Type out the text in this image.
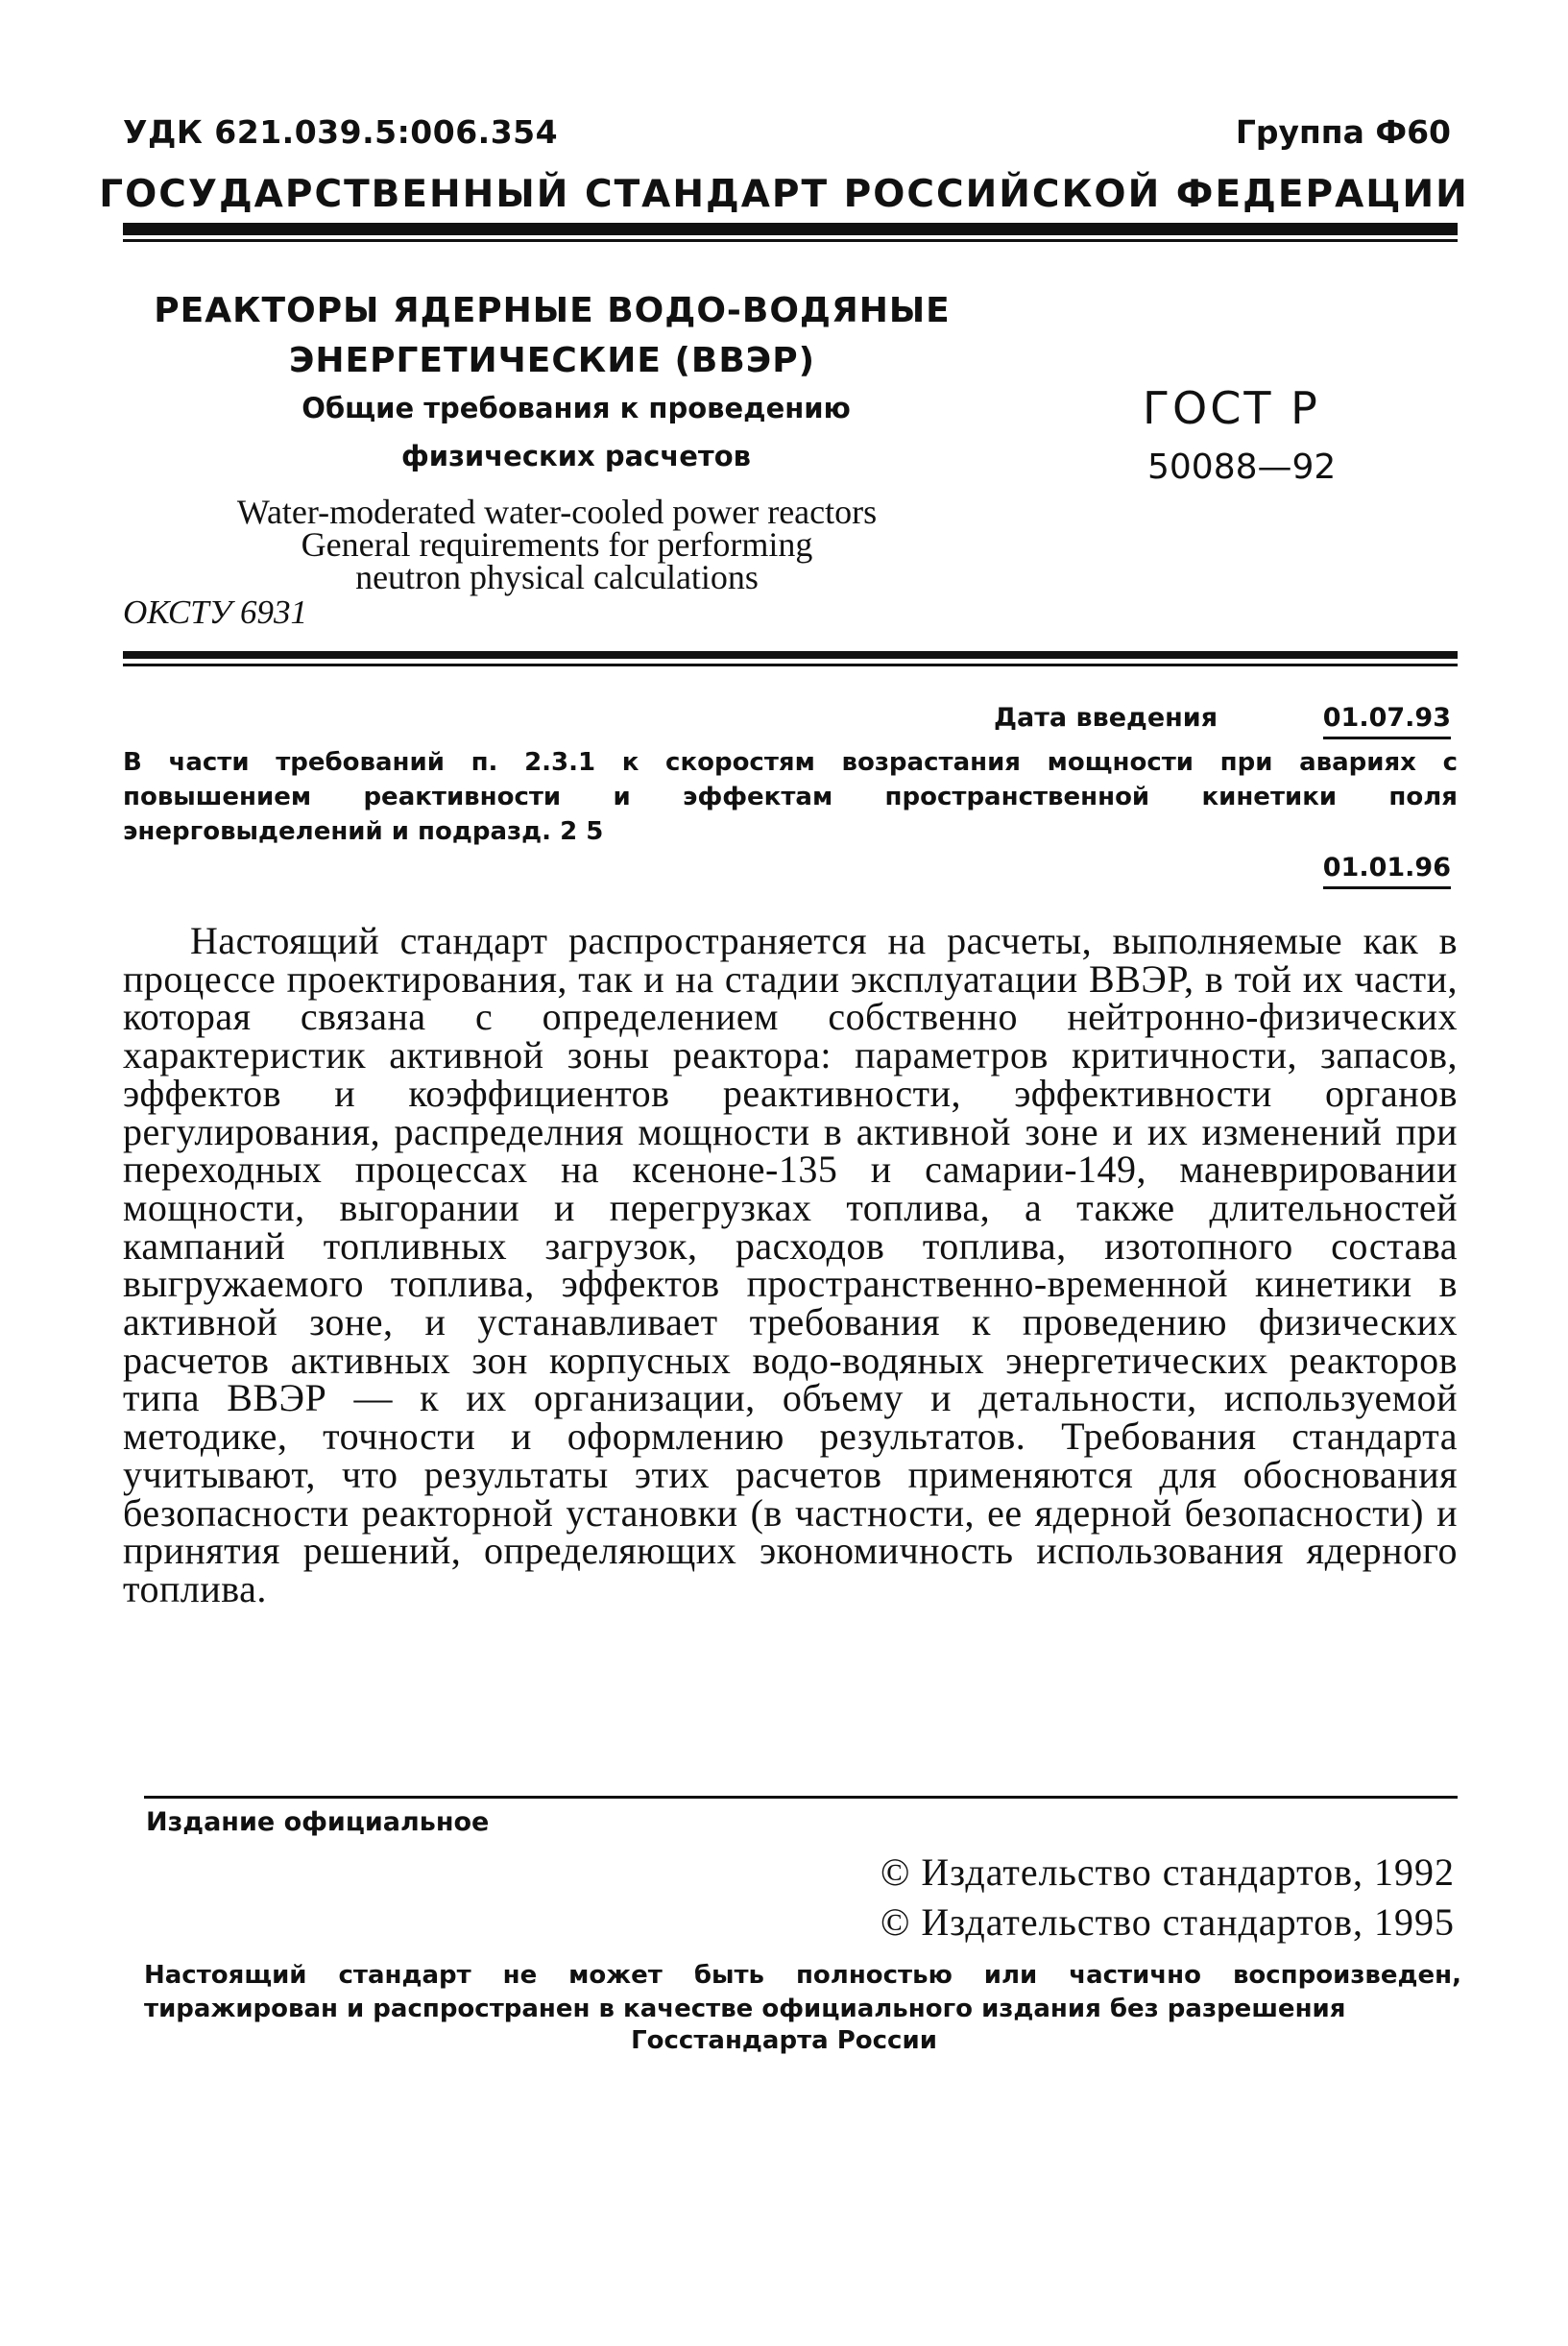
УДК 621.039.5:006.354	Группа Ф60
ГОСУДАРСТВЕННЫЙ СТАНДАРТ РОССИЙСКОЙ ФЕДЕРАЦИИ
РЕАКТОРЫ ЯДЕРНЫЕ ВОДО-ВОДЯНЫЕ
ЭНЕРГЕТИЧЕСКИЕ (ВВЭР)
Общие требования к проведению
физических расчетов
Water-moderated water-cooled power reactors
General requirements for performing
neutron physical calculations
ОКСТУ 6931
ГОСТ Р
50088—92
Дата введения	01.07.93
В части требований п. 2.3.1 к скоростям возрастания мощности при авариях с повышением реактивности и эффектам пространственной кинетики поля энерговыделений и подразд. 2 5
01.01.96
Настоящий стандарт распространяется на расчеты, выполняемые как в процессе проектирования, так и на стадии эксплуатации ВВЭР, в той их части, которая связана с определением собственно нейтронно-физических характеристик активной зоны реактора: параметров критичности, запасов, эффектов и коэффициентов реактивности, эффективности органов регулирования, распределния мощности в активной зоне и их изменений при переходных процессах на ксеноне-135 и самарии-149, маневрировании мощности, выгорании и перегрузках топлива, а также длительностей кампаний топливных загрузок, расходов топлива, изотопного состава выгружаемого топлива, эффектов пространственно-временной кинетики в активной зоне, и устанавливает требования к проведению физических расчетов активных зон корпусных водо-водяных энергетических реакторов типа ВВЭР — к их организации, объему и детальности, используемой методике, точности и оформлению результатов. Требования стандарта учитывают, что результаты этих расчетов применяются для обоснования безопасности реакторной установки (в частности, ее ядерной безопасности) и принятия решений, определяющих экономичность использования ядерного топлива.
Издание официальное
© Издательство стандартов, 1992
© Издательство стандартов, 1995
Настоящий стандарт не может быть полностью или частично воспроизведен, тиражирован и распространен в качестве официального издания без разрешения
Госстандарта России
